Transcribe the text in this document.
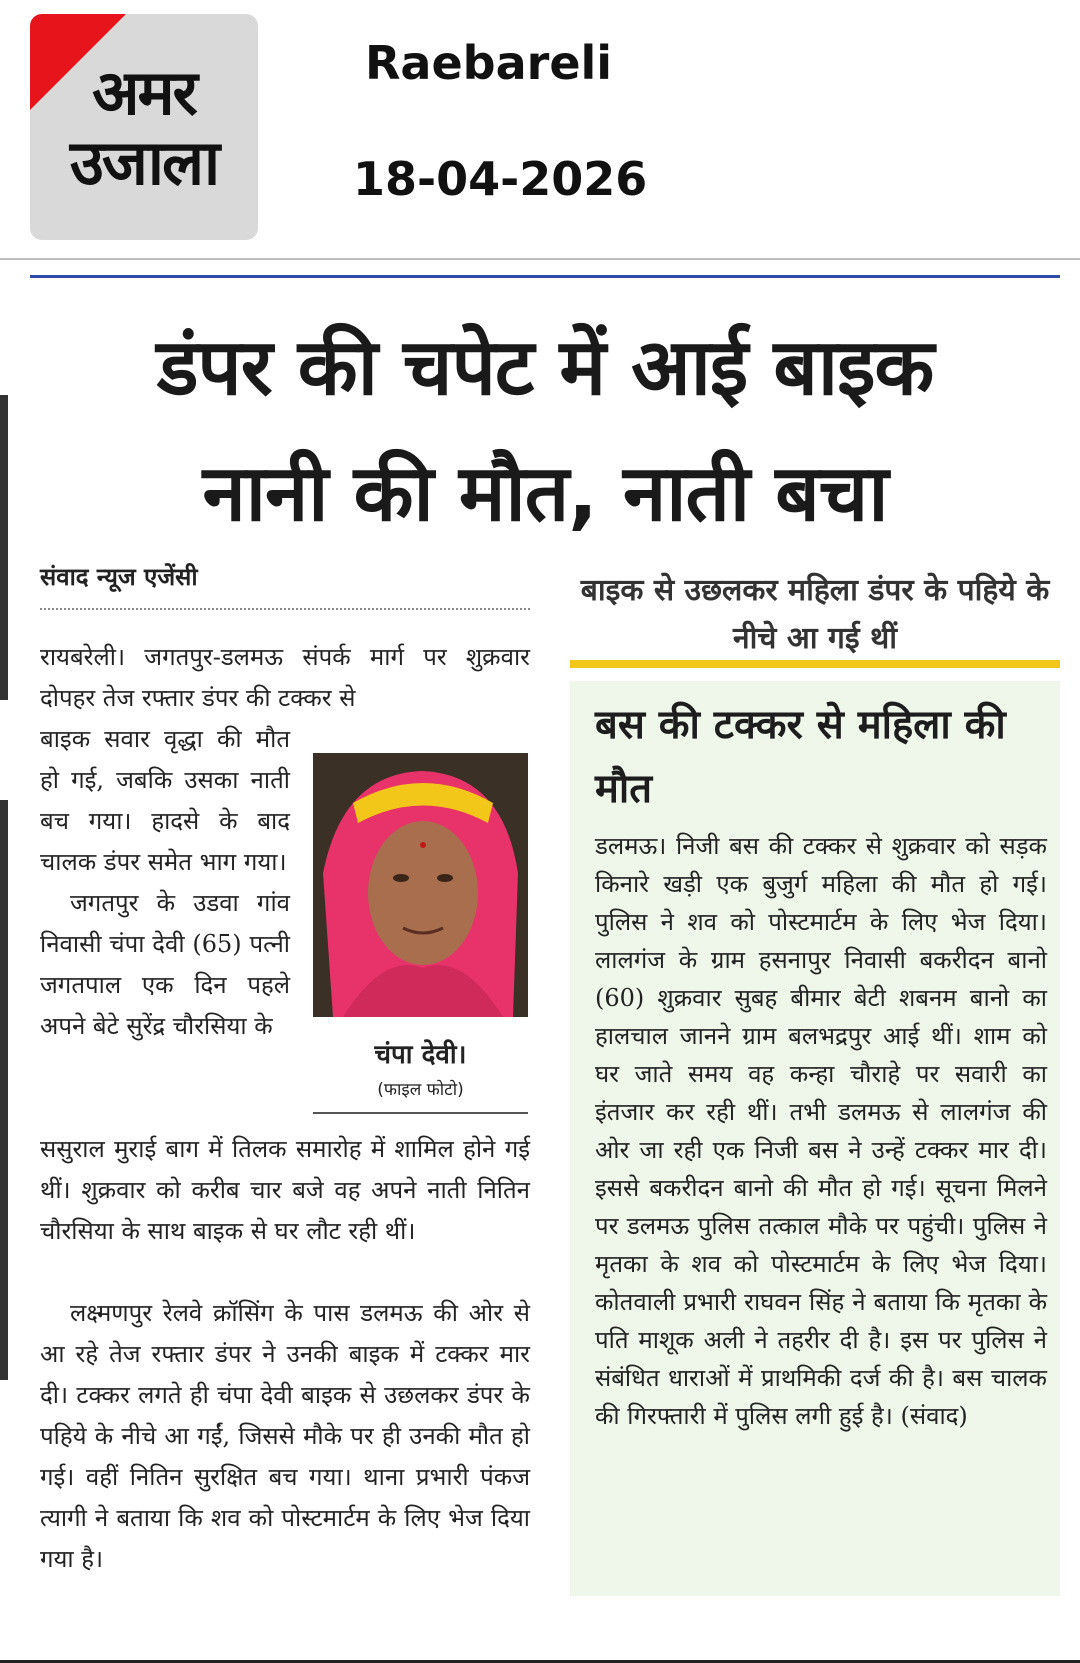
अमर
उजाला
Raebareli
18-04-2026
डंपर की चपेट में आई बाइक
नानी की मौत, नाती बचा
संवाद न्यूज एजेंसी

रायबरेली। जगतपुर-डलमऊ संपर्क मार्ग पर शुक्रवार दोपहर तेज रफ्तार डंपर की टक्कर से

बाइक सवार वृद्धा की मौत हो गई, जबकि उसका नाती बच गया। हादसे के बाद चालक डंपर समेत भाग गया।

जगतपुर के उडवा गांव निवासी चंपा देवी (65) पत्नी जगतपाल एक दिन पहले अपने बेटे सुरेंद्र चौरसिया के

चंपा देवी।
(फाइल फोटो)

ससुराल मुराई बाग में तिलक समारोह में शामिल होने गई थीं। शुक्रवार को करीब चार बजे वह अपने नाती नितिन चौरसिया के साथ बाइक से घर लौट रही थीं।

लक्ष्मणपुर रेलवे क्रॉसिंग के पास डलमऊ की ओर से आ रहे तेज रफ्तार डंपर ने उनकी बाइक में टक्कर मार दी। टक्कर लगते ही चंपा देवी बाइक से उछलकर डंपर के पहिये के नीचे आ गईं, जिससे मौके पर ही उनकी मौत हो गई। वहीं नितिन सुरक्षित बच गया। थाना प्रभारी पंकज त्यागी ने बताया कि शव को पोस्टमार्टम के लिए भेज दिया गया है।

बाइक से उछलकर महिला डंपर के पहिये के नीचे आ गई थीं
बस की टक्कर से महिला की मौत

डलमऊ। निजी बस की टक्कर से शुक्रवार को सड़क किनारे खड़ी एक बुजुर्ग महिला की मौत हो गई। पुलिस ने शव को पोस्टमार्टम के लिए भेज दिया। लालगंज के ग्राम हसनापुर निवासी बकरीदन बानो (60) शुक्रवार सुबह बीमार बेटी शबनम बानो का हालचाल जानने ग्राम बलभद्रपुर आई थीं। शाम को घर जाते समय वह कन्हा चौराहे पर सवारी का इंतजार कर रही थीं। तभी डलमऊ से लालगंज की ओर जा रही एक निजी बस ने उन्हें टक्कर मार दी। इससे बकरीदन बानो की मौत हो गई। सूचना मिलने पर डलमऊ पुलिस तत्काल मौके पर पहुंची। पुलिस ने मृतका के शव को पोस्टमार्टम के लिए भेज दिया। कोतवाली प्रभारी राघवन सिंह ने बताया कि मृतका के पति माशूक अली ने तहरीर दी है। इस पर पुलिस ने संबंधित धाराओं में प्राथमिकी दर्ज की है। बस चालक की गिरफ्तारी में पुलिस लगी हुई है। (संवाद)
